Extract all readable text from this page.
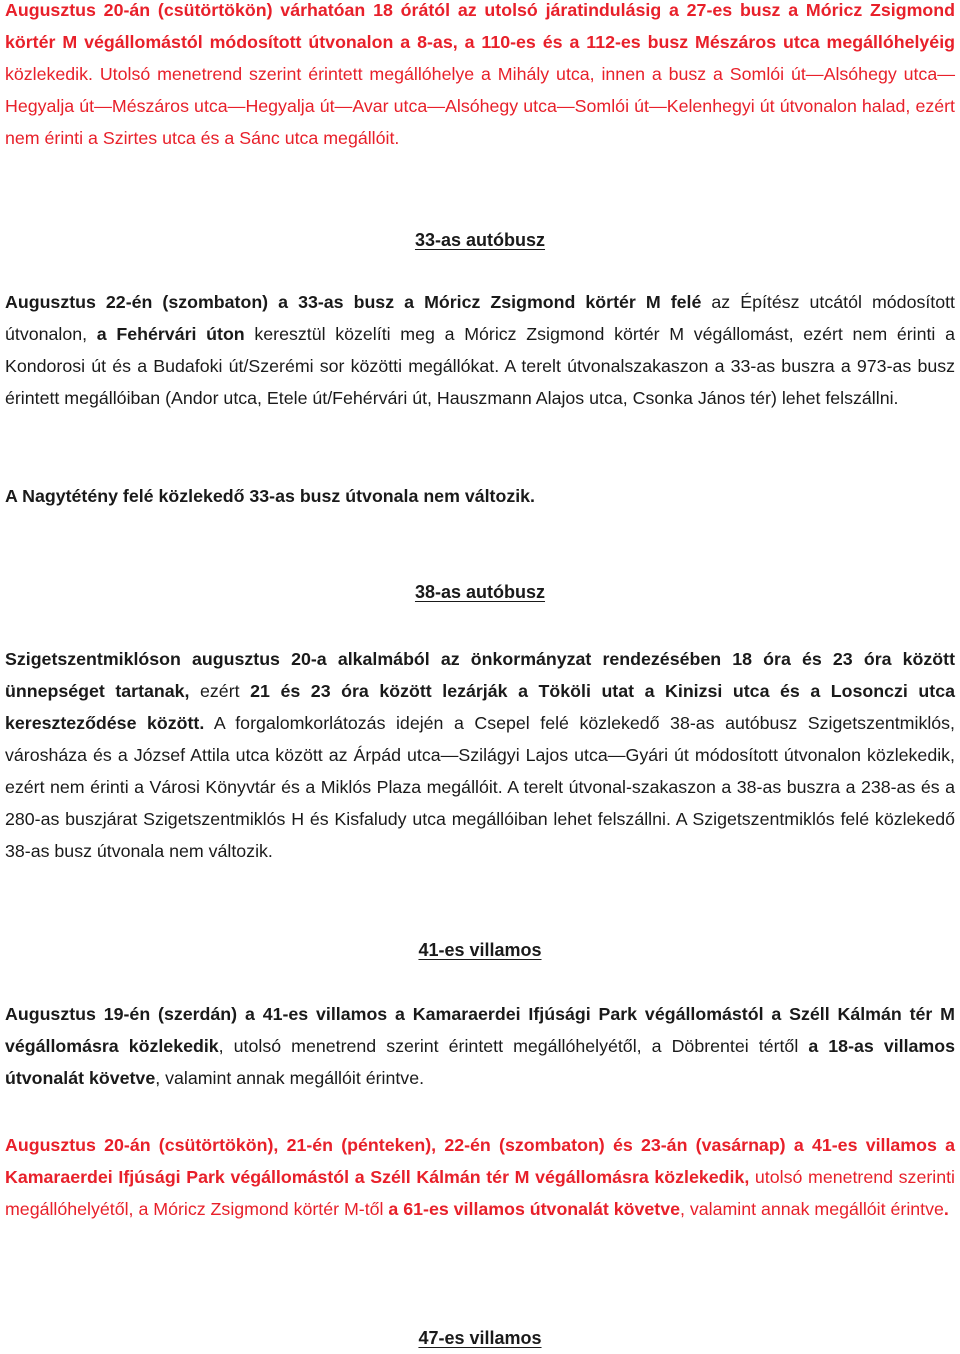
Augusztus 20-án (csütörtökön) várhatóan 18 órától az utolsó járatindulásig a 27-es busz a Móricz Zsigmond körtér M végállomástól módosított útvonalon a 8-as, a 110-es és a 112-es busz Mészáros utca megállóhelyéig közlekedik. Utolsó menetrend szerint érintett megállóhelye a Mihály utca, innen a busz a Somlói út—Alsóhegy utca—Hegyalja út—Mészáros utca—Hegyalja út—Avar utca—Alsóhegy utca—Somlói út—Kelenhegyi út útvonalon halad, ezért nem érinti a Szirtes utca és a Sánc utca megállóit.

33-as autóbusz

Augusztus 22-én (szombaton) a 33-as busz a Móricz Zsigmond körtér M felé az Építész utcától módosított útvonalon, a Fehérvári úton keresztül közelíti meg a Móricz Zsigmond körtér M végállomást, ezért nem érinti a Kondorosi út és a Budafoki út/Szerémi sor közötti megállókat. A terelt útvonalszakaszon a 33-as buszra a 973-as busz érintett megállóiban (Andor utca, Etele út/Fehérvári út, Hauszmann Alajos utca, Csonka János tér) lehet felszállni.

A Nagytétény felé közlekedő 33-as busz útvonala nem változik.

38-as autóbusz

Szigetszentmiklóson augusztus 20-a alkalmából az önkormányzat rendezésében 18 óra és 23 óra között ünnepséget tartanak, ezért 21 és 23 óra között lezárják a Tököli utat a Kinizsi utca és a Losonczi utca kereszteződése között. A forgalomkorlátozás idején a Csepel felé közlekedő 38-as autóbusz Szigetszentmiklós, városháza és a József Attila utca között az Árpád utca—Szilágyi Lajos utca—Gyári út módosított útvonalon közlekedik, ezért nem érinti a Városi Könyvtár és a Miklós Plaza megállóit. A terelt útvonal-szakaszon a 38-as buszra a 238-as és a 280-as buszjárat Szigetszentmiklós H és Kisfaludy utca megállóiban lehet felszállni. A Szigetszentmiklós felé közlekedő 38-as busz útvonala nem változik.

41-es villamos

Augusztus 19-én (szerdán) a 41-es villamos a Kamaraerdei Ifjúsági Park végállomástól a Széll Kálmán tér M végállomásra közlekedik, utolsó menetrend szerint érintett megállóhelyétől, a Döbrentei tértől a 18-as villamos útvonalát követve, valamint annak megállóit érintve.

Augusztus 20-án (csütörtökön), 21-én (pénteken), 22-én (szombaton) és 23-án (vasárnap) a 41-es villamos a Kamaraerdei Ifjúsági Park végállomástól a Széll Kálmán tér M végállomásra közlekedik, utolsó menetrend szerinti megállóhelyétől, a Móricz Zsigmond körtér M-től a 61-es villamos útvonalát követve, valamint annak megállóit érintve.

47-es villamos
